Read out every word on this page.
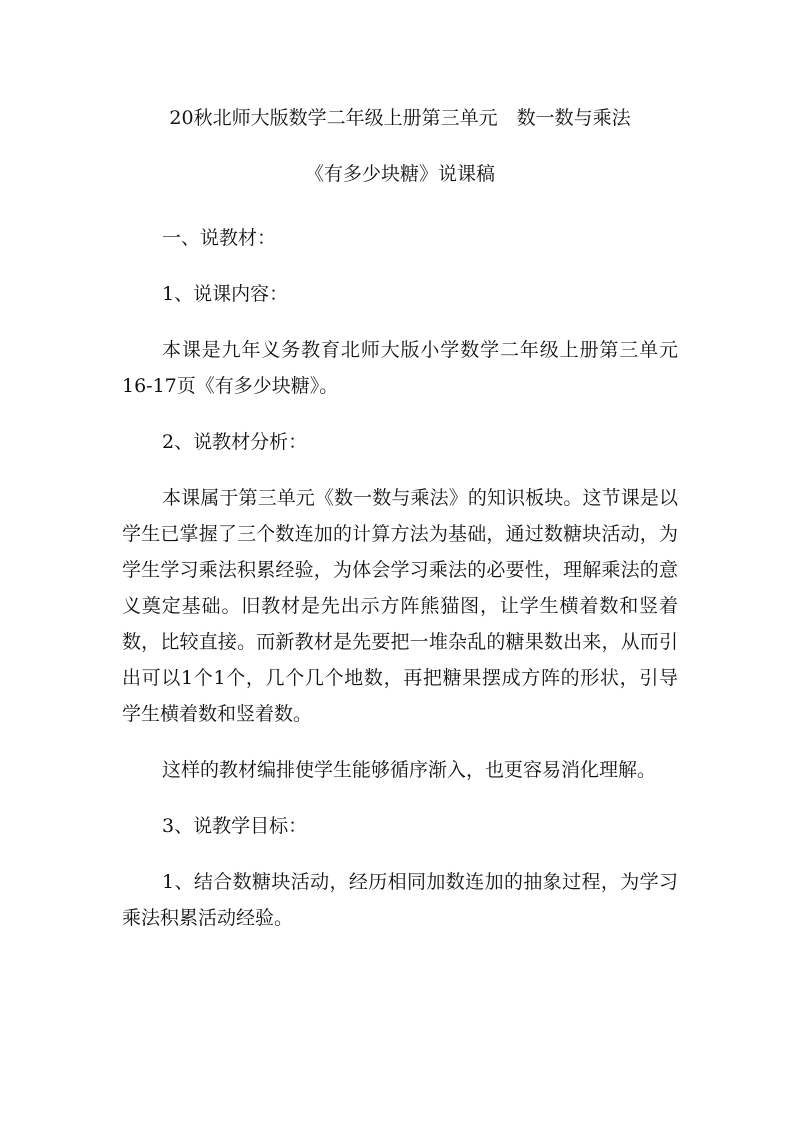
20秋北师大版数学二年级上册第三单元　数一数与乘法
《有多少块糖》说课稿

一、说教材：

1、说课内容：

本课是九年义务教育北师大版小学数学二年级上册第三单元16-17页《有多少块糖》。

2、说教材分析：

本课属于第三单元《数一数与乘法》的知识板块。这节课是以学生已掌握了三个数连加的计算方法为基础，通过数糖块活动，为学生学习乘法积累经验，为体会学习乘法的必要性，理解乘法的意义奠定基础。旧教材是先出示方阵熊猫图，让学生横着数和竖着数，比较直接。而新教材是先要把一堆杂乱的糖果数出来，从而引出可以1个1个，几个几个地数，再把糖果摆成方阵的形状，引导学生横着数和竖着数。

这样的教材编排使学生能够循序渐入，也更容易消化理解。

3、说教学目标：

1、结合数糖块活动，经历相同加数连加的抽象过程，为学习乘法积累活动经验。
